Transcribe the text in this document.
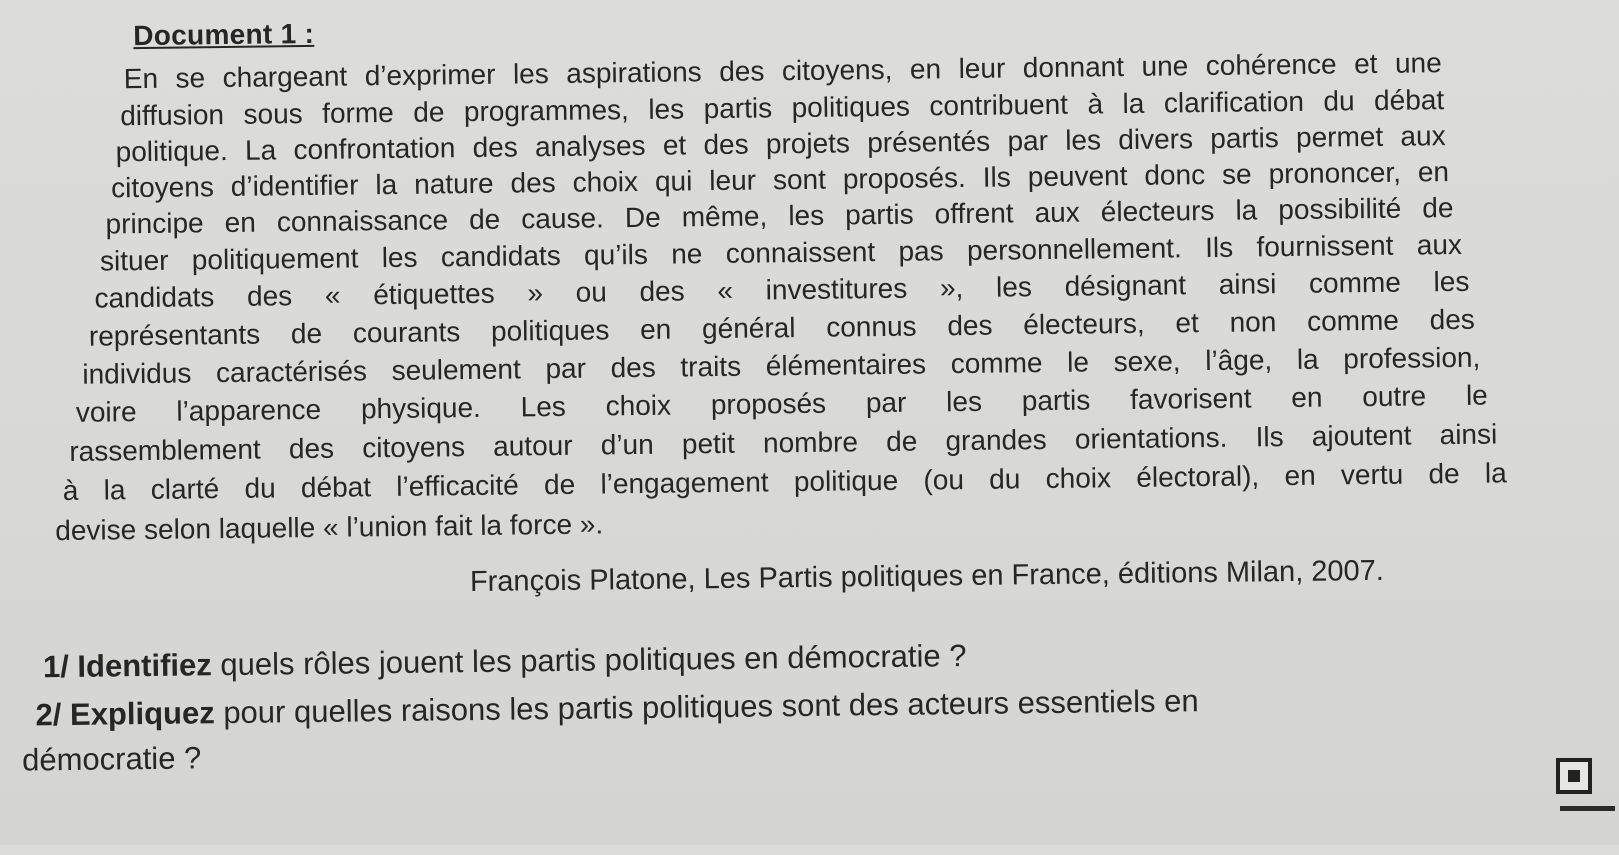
Document 1 :
En se chargeant d’exprimer les aspirations des citoyens, en leur donnant une cohérence et une
diffusion sous forme de programmes, les partis politiques contribuent à la clarification du débat
politique. La confrontation des analyses et des projets présentés par les divers partis permet aux
citoyens d’identifier la nature des choix qui leur sont proposés. Ils peuvent donc se prononcer, en
principe en connaissance de cause. De même, les partis offrent aux électeurs la possibilité de
situer politiquement les candidats qu’ils ne connaissent pas personnellement. Ils fournissent aux
candidats des « étiquettes » ou des « investitures », les désignant ainsi comme les
représentants de courants politiques en général connus des électeurs, et non comme des
individus caractérisés seulement par des traits élémentaires comme le sexe, l’âge, la profession,
voire l’apparence physique. Les choix proposés par les partis favorisent en outre le
rassemblement des citoyens autour d’un petit nombre de grandes orientations. Ils ajoutent ainsi
à la clarté du débat l’efficacité de l’engagement politique (ou du choix électoral), en vertu de la
devise selon laquelle « l’union fait la force ».
François Platone, Les Partis politiques en France, éditions Milan, 2007.
1/ Identifiez quels rôles jouent les partis politiques en démocratie ?
2/ Expliquez pour quelles raisons les partis politiques sont des acteurs essentiels en
démocratie ?
